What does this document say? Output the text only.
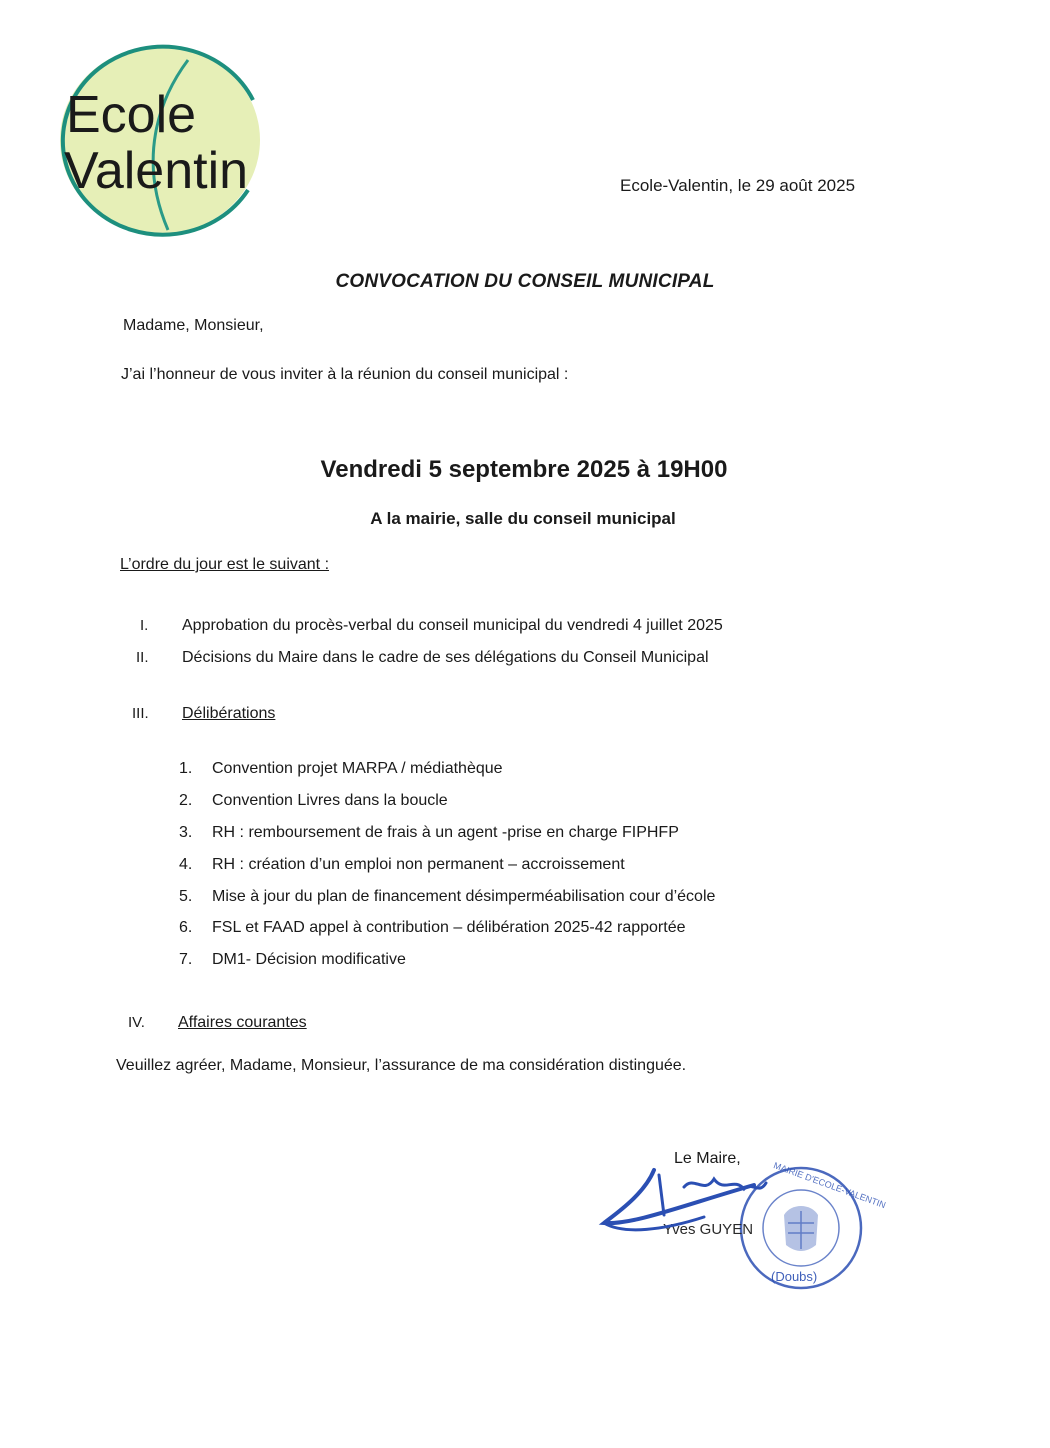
Ecole
Valentin	Ecole-Valentin, le 29 août 2025
CONVOCATION DU CONSEIL MUNICIPAL
Madame, Monsieur,
J’ai l’honneur de vous inviter à la réunion du conseil municipal :
Vendredi 5 septembre 2025 à 19H00
A la mairie, salle du conseil municipal
L’ordre du jour est le suivant :
I. Approbation du procès-verbal du conseil municipal du vendredi 4 juillet 2025
II. Décisions du Maire dans le cadre de ses délégations du Conseil Municipal
III. Délibérations
1. Convention projet MARPA / médiathèque
2. Convention Livres dans la boucle
3. RH : remboursement de frais à un agent -prise en charge FIPHFP
4. RH : création d’un emploi non permanent – accroissement
5. Mise à jour du plan de financement désimperméabilisation cour d’école
6. FSL et FAAD appel à contribution – délibération 2025-42 rapportée
7. DM1- Décision modificative
IV. Affaires courantes
Veuillez agréer, Madame, Monsieur, l’assurance de ma considération distinguée.
Le Maire,
(Doubs)
MAIRIE D'ECOLE-VALENTIN
Yves GUYEN
